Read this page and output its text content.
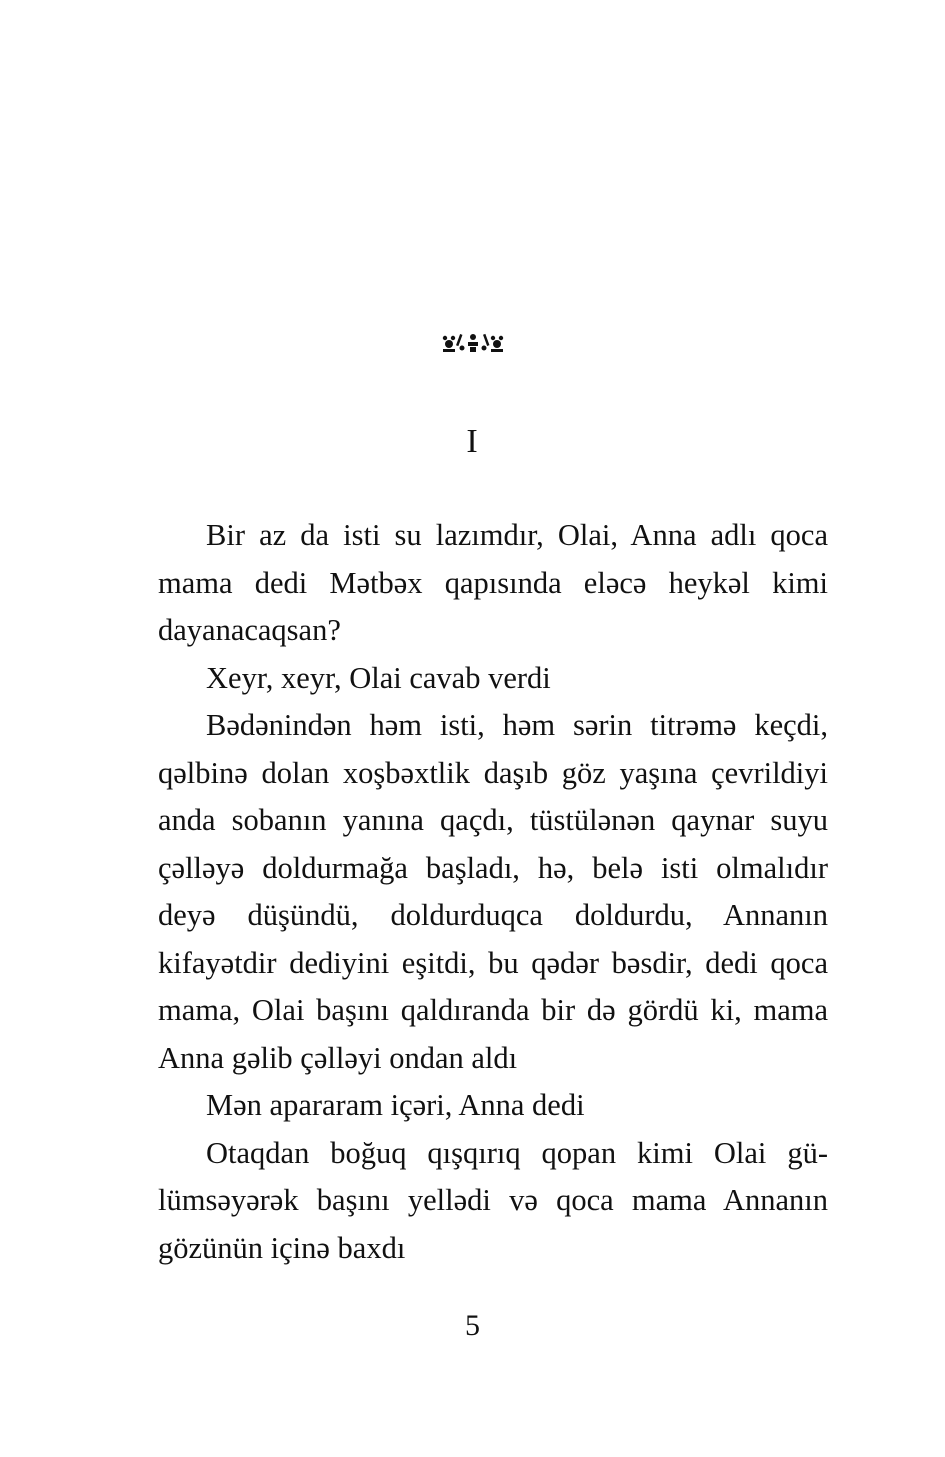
I

Bir az da isti su lazımdır, Olai, Anna adlı qoca mama dedi Mətbəx qapısında eləcə heykəl kimi dayanacaqsan?

Xeyr, xeyr, Olai cavab verdi

Bədənindən həm isti, həm sərin titrəmə keçdi, qəlbinə dolan xoşbəxtlik daşıb göz yaşına çevrildiyi anda sobanın yanına qaçdı, tüstülənən qaynar suyu çəlləyə doldurmağa başladı, hə, belə isti olmalıdır deyə düşündü, doldurduqca doldurdu, Annanın kifayətdir dediyini eşitdi, bu qədər bəsdir, dedi qoca mama, Olai başını qaldıranda bir də gördü ki, mama Anna gəlib çəlləyi ondan aldı

Mən apararam içəri, Anna dedi

Otaqdan boğuq qışqırıq qopan kimi Olai gülümsəyərək başını yellədi və qoca mama Annanın gözünün içinə baxdı

5
